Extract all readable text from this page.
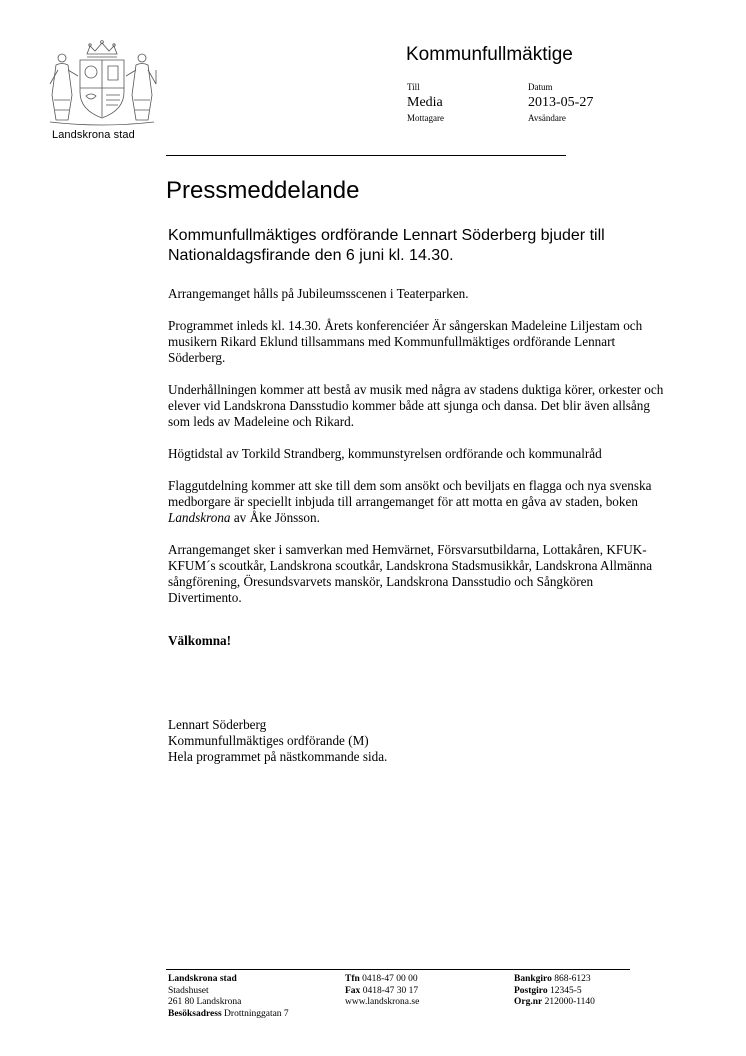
Landskrona stad
Kommunfullmäktige
Till
Media
Mottagare
Datum
2013-05-27
Avsändare
Pressmeddelande
Kommunfullmäktiges ordförande Lennart Söderberg bjuder till Nationaldagsfirande den 6 juni kl. 14.30.

Arrangemanget hålls på Jubileumsscenen i Teaterparken.

Programmet inleds kl. 14.30. Årets konferenciéer Är sångerskan Madeleine Liljestam och musikern Rikard Eklund tillsammans med Kommunfullmäktiges ordförande Lennart Söderberg.

Underhållningen kommer att bestå av musik med några av stadens duktiga körer, orkester och elever vid Landskrona Dansstudio kommer både att sjunga och dansa. Det blir även allsång som leds av Madeleine och Rikard.

Högtidstal av Torkild Strandberg, kommunstyrelsen ordförande och kommunalråd

Flaggutdelning kommer att ske till dem som ansökt och beviljats en flagga och nya svenska medborgare är speciellt inbjuda till arrangemanget för att motta en gåva av staden, boken Landskrona av Åke Jönsson.

Arrangemanget sker i samverkan med Hemvärnet, Försvarsutbildarna, Lottakåren, KFUK-KFUM´s scoutkår, Landskrona scoutkår, Landskrona Stadsmusikkår, Landskrona Allmänna sångförening, Öresundsvarvets manskör, Landskrona Dansstudio och Sångkören Divertimento.

Välkomna!

Lennart Söderberg
Kommunfullmäktiges ordförande (M)
Hela programmet på nästkommande sida.
Landskrona stad
Stadshuset
261 80 Landskrona
Besöksadress Drottninggatan 7
Tfn 0418-47 00 00
Fax 0418-47 30 17
www.landskrona.se
Bankgiro 868-6123
Postgiro 12345-5
Org.nr 212000-1140
